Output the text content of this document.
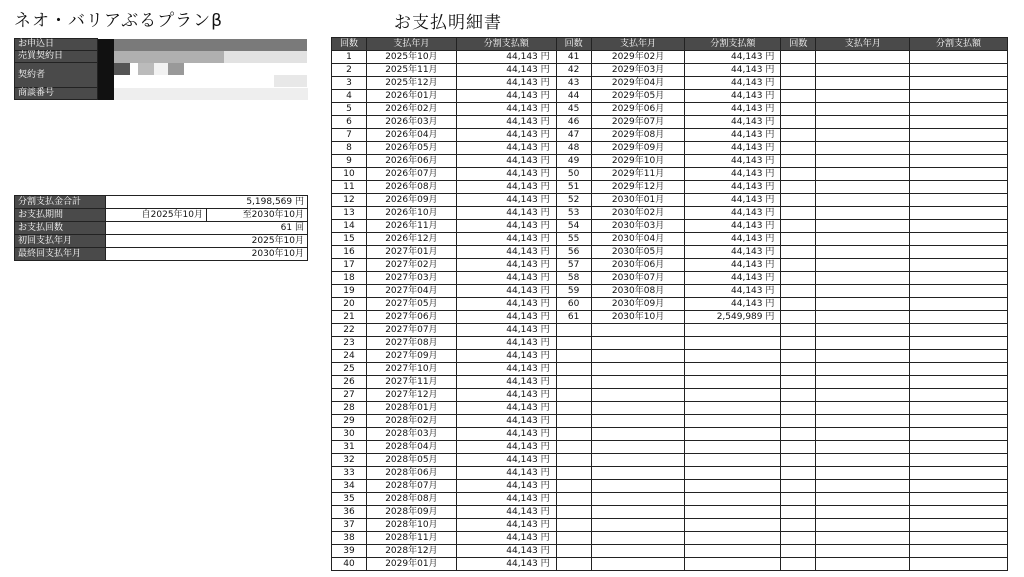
ネオ・バリアぶるプランβ	お支払明細書
お申込日	

売買契約日	

契約者	

商談番号	
分割支払金合計	5,198,569 円	
お支払期間	自2025年10月	至2030年10月
お支払回数	61 回	
初回支払年月	2025年10月	
最終回支払年月	2030年10月	
回数	支払年月	分割支払額	回数	支払年月	分割支払額	回数	支払年月	分割支払額
1	2025年10月	44,143 円	41	2029年02月	44,143 円			
2	2025年11月	44,143 円	42	2029年03月	44,143 円			
3	2025年12月	44,143 円	43	2029年04月	44,143 円			
4	2026年01月	44,143 円	44	2029年05月	44,143 円			
5	2026年02月	44,143 円	45	2029年06月	44,143 円			
6	2026年03月	44,143 円	46	2029年07月	44,143 円			
7	2026年04月	44,143 円	47	2029年08月	44,143 円			
8	2026年05月	44,143 円	48	2029年09月	44,143 円			
9	2026年06月	44,143 円	49	2029年10月	44,143 円			
10	2026年07月	44,143 円	50	2029年11月	44,143 円			
11	2026年08月	44,143 円	51	2029年12月	44,143 円			
12	2026年09月	44,143 円	52	2030年01月	44,143 円			
13	2026年10月	44,143 円	53	2030年02月	44,143 円			
14	2026年11月	44,143 円	54	2030年03月	44,143 円			
15	2026年12月	44,143 円	55	2030年04月	44,143 円			
16	2027年01月	44,143 円	56	2030年05月	44,143 円			
17	2027年02月	44,143 円	57	2030年06月	44,143 円			
18	2027年03月	44,143 円	58	2030年07月	44,143 円			
19	2027年04月	44,143 円	59	2030年08月	44,143 円			
20	2027年05月	44,143 円	60	2030年09月	44,143 円			
21	2027年06月	44,143 円	61	2030年10月	2,549,989 円			
22	2027年07月	44,143 円						
23	2027年08月	44,143 円						
24	2027年09月	44,143 円						
25	2027年10月	44,143 円						
26	2027年11月	44,143 円						
27	2027年12月	44,143 円						
28	2028年01月	44,143 円						
29	2028年02月	44,143 円						
30	2028年03月	44,143 円						
31	2028年04月	44,143 円						
32	2028年05月	44,143 円						
33	2028年06月	44,143 円						
34	2028年07月	44,143 円						
35	2028年08月	44,143 円						
36	2028年09月	44,143 円						
37	2028年10月	44,143 円						
38	2028年11月	44,143 円						
39	2028年12月	44,143 円						
40	2029年01月	44,143 円						
